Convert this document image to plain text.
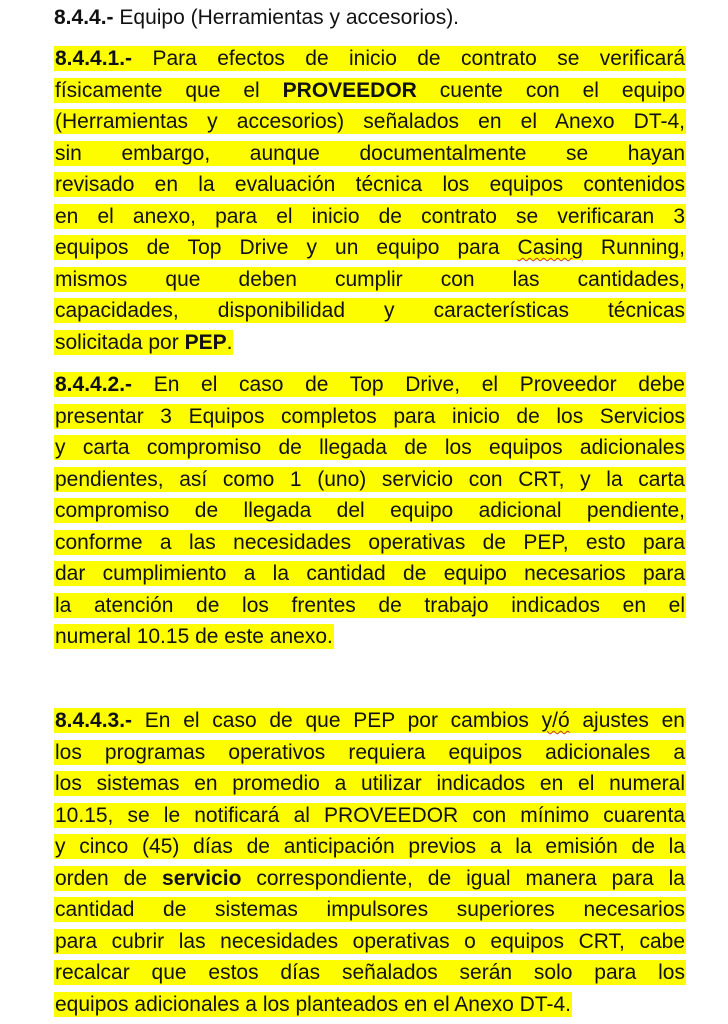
8.4.4.- Equipo (Herramientas y accesorios).
8.4.4.1.- Para efectos de inicio de contrato se verificará
físicamente que el PROVEEDOR cuente con el equipo
(Herramientas y accesorios) señalados en el Anexo DT-4,
sin embargo, aunque documentalmente se hayan
revisado en la evaluación técnica los equipos contenidos
en el anexo, para el inicio de contrato se verificaran 3
equipos de Top Drive y un equipo para Casing Running,
mismos que deben cumplir con las cantidades,
capacidades, disponibilidad y características técnicas
solicitada por PEP.
8.4.4.2.- En el caso de Top Drive, el Proveedor debe
presentar 3 Equipos completos para inicio de los Servicios
y carta compromiso de llegada de los equipos adicionales
pendientes, así como 1 (uno) servicio con CRT, y la carta
compromiso de llegada del equipo adicional pendiente,
conforme a las necesidades operativas de PEP, esto para
dar cumplimiento a la cantidad de equipo necesarios para
la atención de los frentes de trabajo indicados en el
numeral 10.15 de este anexo.
8.4.4.3.- En el caso de que PEP por cambios y/ó ajustes en
los programas operativos requiera equipos adicionales a
los sistemas en promedio a utilizar indicados en el numeral
10.15, se le notificará al PROVEEDOR con mínimo cuarenta
y cinco (45) días de anticipación previos a la emisión de la
orden de servicio correspondiente, de igual manera para la
cantidad de sistemas impulsores superiores necesarios
para cubrir las necesidades operativas o equipos CRT, cabe
recalcar que estos días señalados serán solo para los
equipos adicionales a los planteados en el Anexo DT-4.
